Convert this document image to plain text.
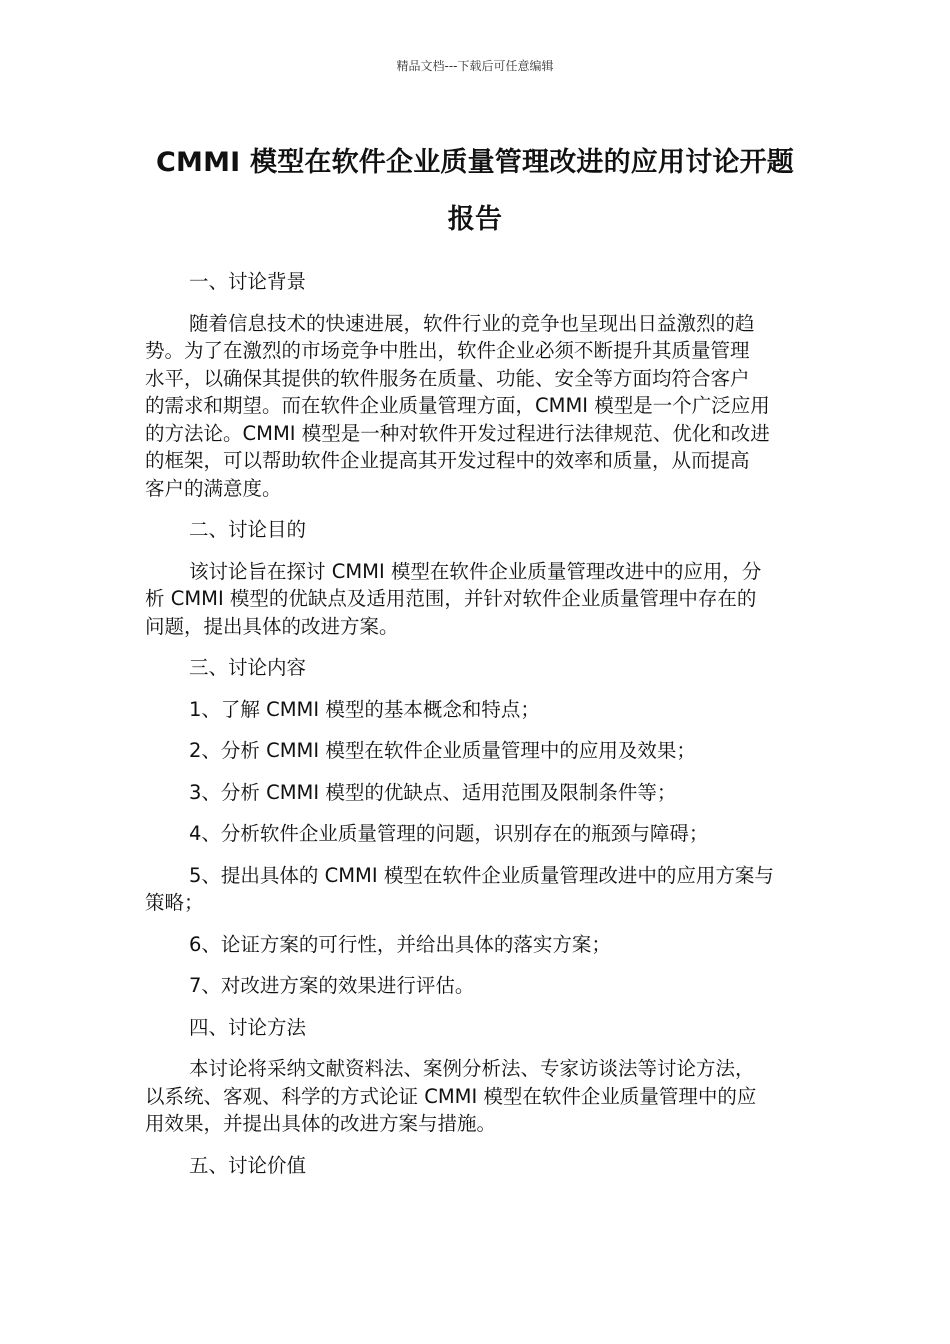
精品文档---下载后可任意编辑
CMMI 模型在软件企业质量管理改进的应用讨论开题
报告
一、讨论背景
随着信息技术的快速进展，软件行业的竞争也呈现出日益激烈的趋
势。为了在激烈的市场竞争中胜出，软件企业必须不断提升其质量管理
水平，以确保其提供的软件服务在质量、功能、安全等方面均符合客户
的需求和期望。而在软件企业质量管理方面，CMMI 模型是一个广泛应用
的方法论。CMMI 模型是一种对软件开发过程进行法律规范、优化和改进
的框架，可以帮助软件企业提高其开发过程中的效率和质量，从而提高
客户的满意度。
二、讨论目的
该讨论旨在探讨 CMMI 模型在软件企业质量管理改进中的应用，分
析 CMMI 模型的优缺点及适用范围，并针对软件企业质量管理中存在的
问题，提出具体的改进方案。
三、讨论内容
1、了解 CMMI 模型的基本概念和特点；
2、分析 CMMI 模型在软件企业质量管理中的应用及效果；
3、分析 CMMI 模型的优缺点、适用范围及限制条件等；
4、分析软件企业质量管理的问题，识别存在的瓶颈与障碍；
5、提出具体的 CMMI 模型在软件企业质量管理改进中的应用方案与
策略；
6、论证方案的可行性，并给出具体的落实方案；
7、对改进方案的效果进行评估。
四、讨论方法
本讨论将采纳文献资料法、案例分析法、专家访谈法等讨论方法，
以系统、客观、科学的方式论证 CMMI 模型在软件企业质量管理中的应
用效果，并提出具体的改进方案与措施。
五、讨论价值
